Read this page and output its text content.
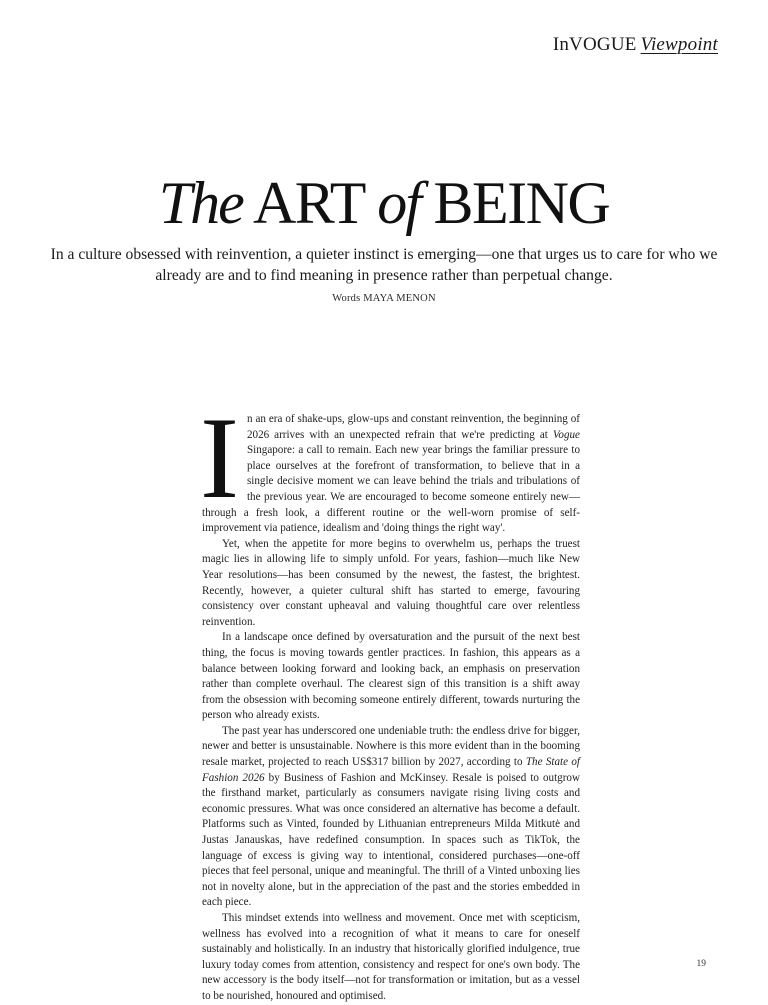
InVOGUE Viewpoint
The ART of BEING
In a culture obsessed with reinvention, a quieter instinct is emerging—one that urges us to care for who we already are and to find meaning in presence rather than perpetual change.
Words MAYA MENON

In an era of shake-ups, glow-ups and constant reinvention, the beginning of 2026 arrives with an unexpected refrain that we're predicting at Vogue Singapore: a call to remain. Each new year brings the familiar pressure to place ourselves at the forefront of transformation, to believe that in a single decisive moment we can leave behind the trials and tribulations of the previous year. We are encouraged to become someone entirely new—through a fresh look, a different routine or the well-worn promise of self-improvement via patience, idealism and 'doing things the right way'.

Yet, when the appetite for more begins to overwhelm us, perhaps the truest magic lies in allowing life to simply unfold. For years, fashion—much like New Year resolutions—has been consumed by the newest, the fastest, the brightest. Recently, however, a quieter cultural shift has started to emerge, favouring consistency over constant upheaval and valuing thoughtful care over relentless reinvention.

In a landscape once defined by oversaturation and the pursuit of the next best thing, the focus is moving towards gentler practices. In fashion, this appears as a balance between looking forward and looking back, an emphasis on preservation rather than complete overhaul. The clearest sign of this transition is a shift away from the obsession with becoming someone entirely different, towards nurturing the person who already exists.

The past year has underscored one undeniable truth: the endless drive for bigger, newer and better is unsustainable. Nowhere is this more evident than in the booming resale market, projected to reach US$317 billion by 2027, according to The State of Fashion 2026 by Business of Fashion and McKinsey. Resale is poised to outgrow the firsthand market, particularly as consumers navigate rising living costs and economic pressures. What was once considered an alternative has become a default. Platforms such as Vinted, founded by Lithuanian entrepreneurs Milda Mitkutė and Justas Janauskas, have redefined consumption. In spaces such as TikTok, the language of excess is giving way to intentional, considered purchases—one-off pieces that feel personal, unique and meaningful. The thrill of a Vinted unboxing lies not in novelty alone, but in the appreciation of the past and the stories embedded in each piece.

This mindset extends into wellness and movement. Once met with scepticism, wellness has evolved into a recognition of what it means to care for oneself sustainably and holistically. In an industry that historically glorified indulgence, true luxury today comes from attention, consistency and respect for one's own body. The new accessory is the body itself—not for transformation or imitation, but as a vessel to be nourished, honoured and optimised.

19
